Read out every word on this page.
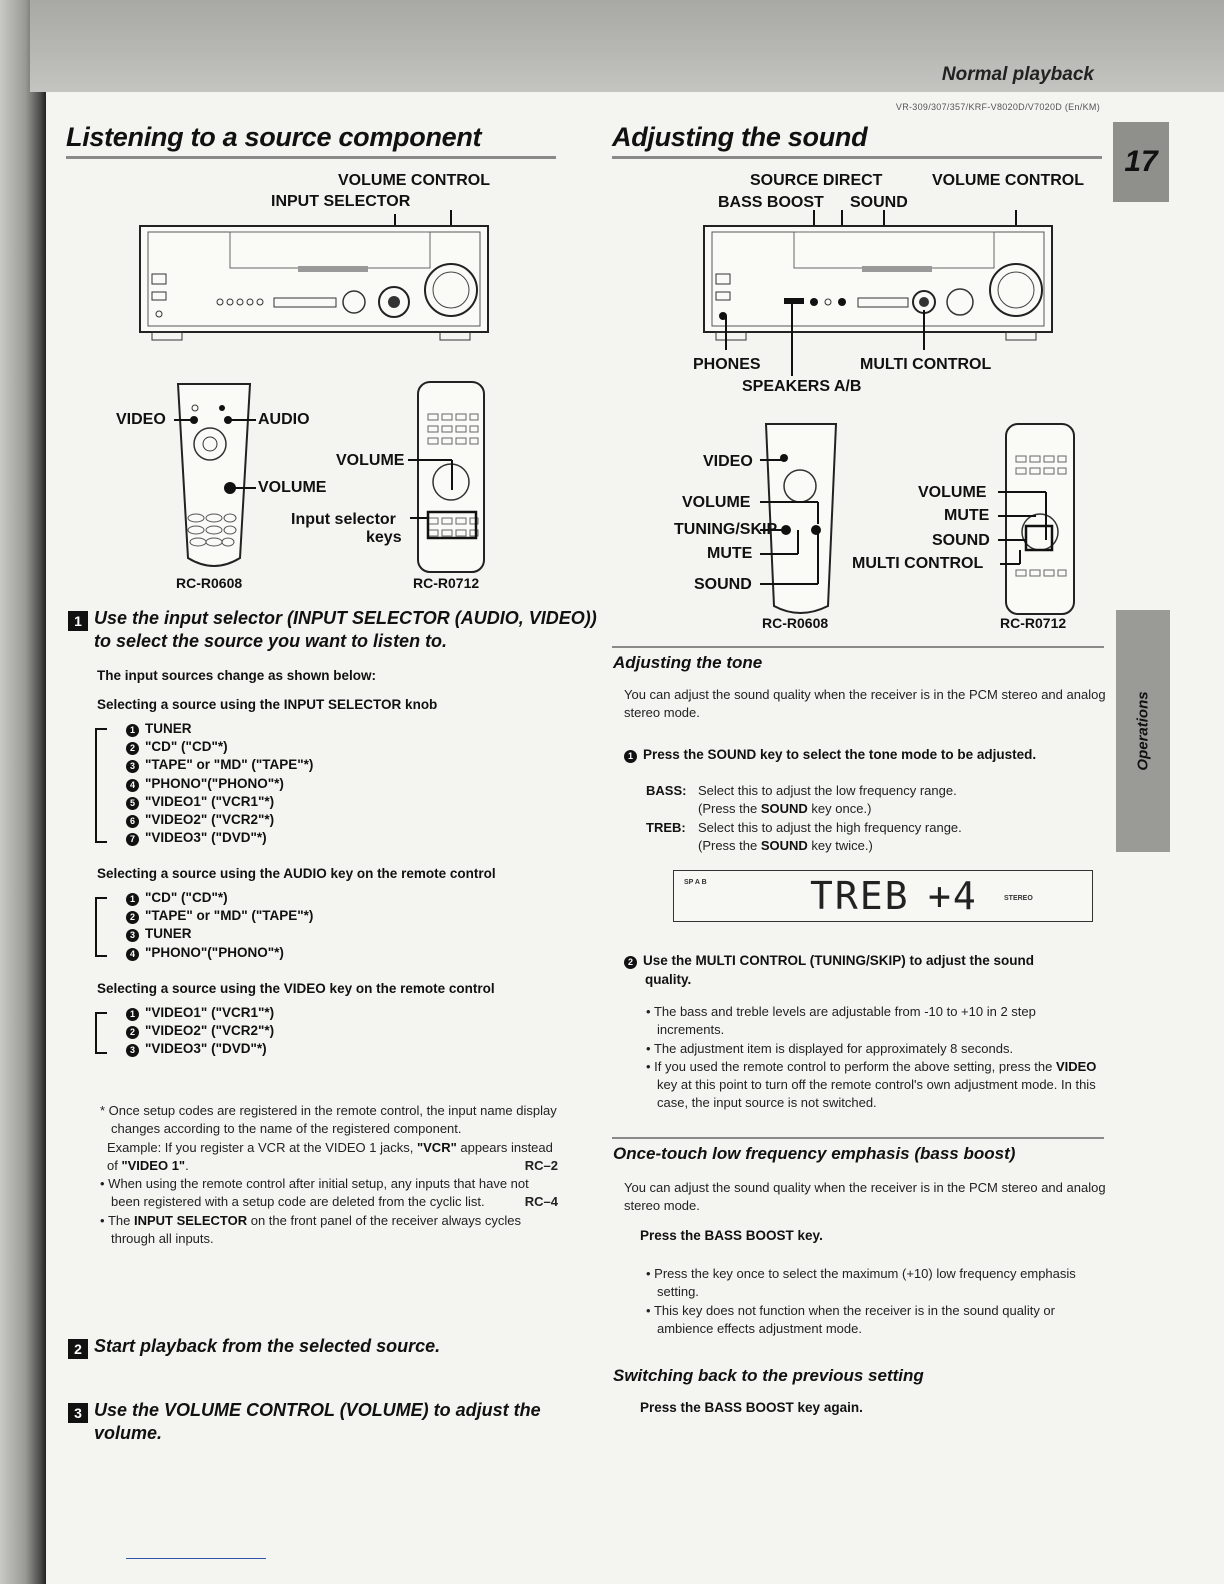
Normal playback
VR-309/307/357/KRF-V8020D/V7020D (En/KM)
17
Operations
Listening to a source component
VOLUME CONTROL
INPUT SELECTOR
VIDEO	AUDIO
VOLUME
VOLUME
Input selector
keys
RC-R0608	RC-R0712
1 Use the input selector (INPUT SELECTOR (AUDIO, VIDEO))
to select the source you want to listen to.
The input sources change as shown below:
Selecting a source using the INPUT SELECTOR knob
1 TUNER
2 "CD" ("CD"*)
3 "TAPE" or "MD" ("TAPE"*)
4 "PHONO"("PHONO"*)
5 "VIDEO1" ("VCR1"*)
6 "VIDEO2" ("VCR2"*)
7 "VIDEO3" ("DVD"*)
Selecting a source using the AUDIO key on the remote control
1 "CD" ("CD"*)
2 "TAPE" or "MD" ("TAPE"*)
3 TUNER
4 "PHONO"("PHONO"*)
Selecting a source using the VIDEO key on the remote control
1 "VIDEO1" ("VCR1"*)
2 "VIDEO2" ("VCR2"*)
3 "VIDEO3" ("DVD"*)
* Once setup codes are registered in the remote control, the input name display changes according to the name of the registered component.
Example: If you register a VCR at the VIDEO 1 jacks, "VCR" appears instead of "VIDEO 1".	RC–2
• When using the remote control after initial setup, any inputs that have not been registered with a setup code are deleted from the cyclic list.	RC–4
• The INPUT SELECTOR on the front panel of the receiver always cycles through all inputs.
2 Start playback from the selected source.
3 Use the VOLUME CONTROL (VOLUME) to adjust the
volume.
Adjusting the sound
SOURCE DIRECT	VOLUME CONTROL
BASS BOOST SOUND
PHONES	MULTI CONTROL
SPEAKERS A/B
VIDEO
VOLUME
TUNING/SKIP
MUTE
SOUND
VOLUME
MUTE
SOUND
MULTI CONTROL
RC-R0608	RC-R0712
Adjusting the tone
You can adjust the sound quality when the receiver is in the PCM stereo and analog stereo mode.
1 Press the SOUND key to select the tone mode to be adjusted.
BASS: Select this to adjust the low frequency range.
(Press the SOUND key once.)
TREB: Select this to adjust the high frequency range.
(Press the SOUND key twice.)
SP A B	TREB +4	STEREO
2 Use the MULTI CONTROL (TUNING/SKIP) to adjust the sound
quality.
• The bass and treble levels are adjustable from -10 to +10 in 2 step increments.
• The adjustment item is displayed for approximately 8 seconds.
• If you used the remote control to perform the above setting, press the VIDEO key at this point to turn off the remote control's own adjustment mode. In this case, the input source is not switched.
Once-touch low frequency emphasis (bass boost)
You can adjust the sound quality when the receiver is in the PCM stereo and analog stereo mode.
Press the BASS BOOST key.
• Press the key once to select the maximum (+10) low frequency emphasis setting.
• This key does not function when the receiver is in the sound quality or ambience effects adjustment mode.
Switching back to the previous setting
Press the BASS BOOST key again.
